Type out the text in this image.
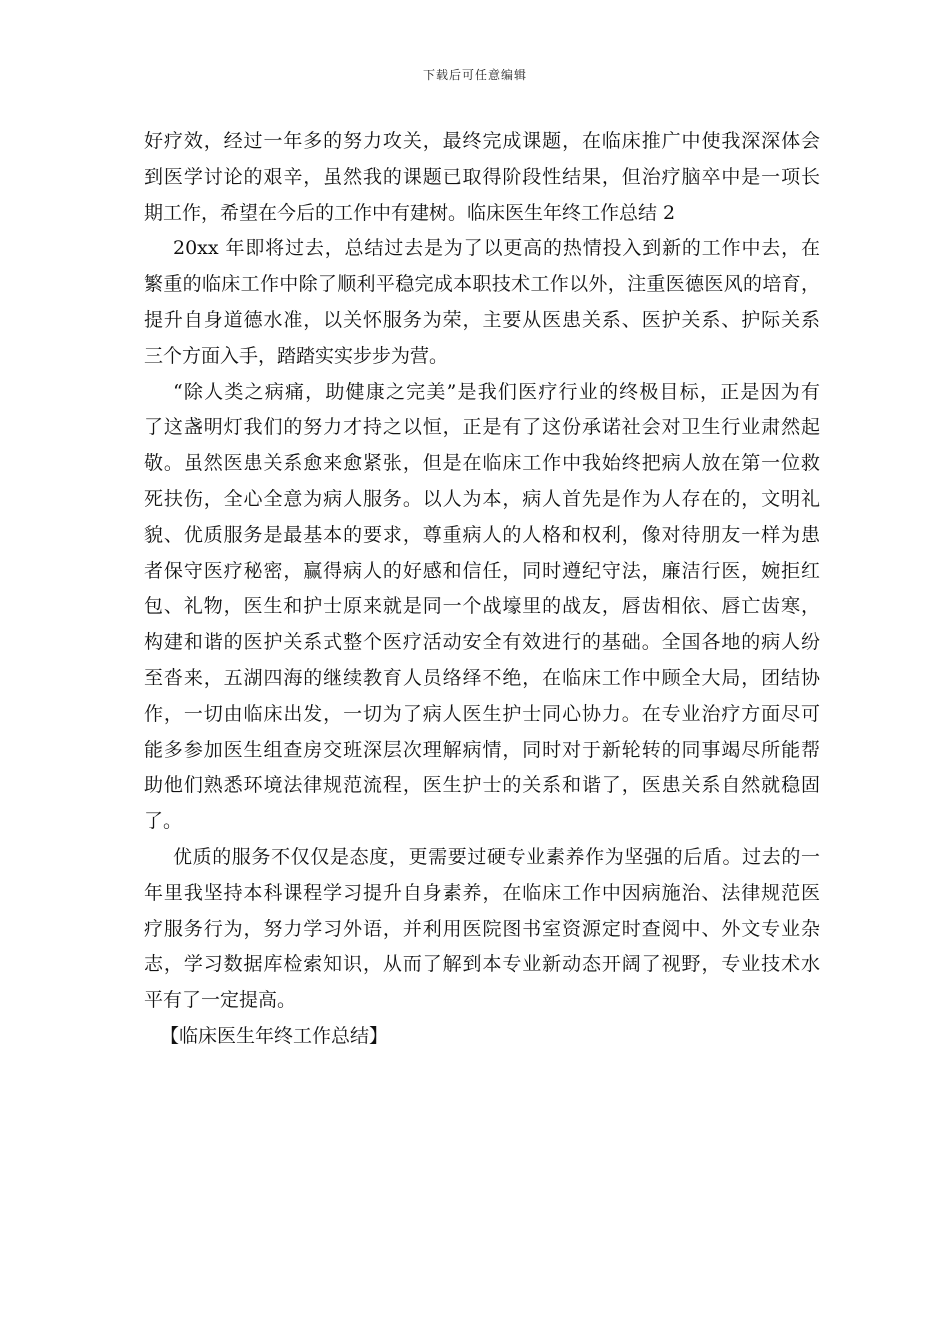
下载后可任意编辑
好疗效，经过一年多的努力攻关，最终完成课题，在临床推广中使我深深体会
到医学讨论的艰辛，虽然我的课题已取得阶段性结果，但治疗脑卒中是一项长
期工作，希望在今后的工作中有建树。临床医生年终工作总结 2
20xx 年即将过去，总结过去是为了以更高的热情投入到新的工作中去，在
繁重的临床工作中除了顺利平稳完成本职技术工作以外，注重医德医风的培育，
提升自身道德水准，以关怀服务为荣，主要从医患关系、医护关系、护际关系
三个方面入手，踏踏实实步步为营。
“除人类之病痛，助健康之完美”是我们医疗行业的终极目标，正是因为有
了这盏明灯我们的努力才持之以恒，正是有了这份承诺社会对卫生行业肃然起
敬。虽然医患关系愈来愈紧张，但是在临床工作中我始终把病人放在第一位救
死扶伤，全心全意为病人服务。以人为本，病人首先是作为人存在的，文明礼
貌、优质服务是最基本的要求，尊重病人的人格和权利，像对待朋友一样为患
者保守医疗秘密，赢得病人的好感和信任，同时遵纪守法，廉洁行医，婉拒红
包、礼物，医生和护士原来就是同一个战壕里的战友，唇齿相依、唇亡齿寒，
构建和谐的医护关系式整个医疗活动安全有效进行的基础。全国各地的病人纷
至沓来，五湖四海的继续教育人员络绎不绝，在临床工作中顾全大局，团结协
作，一切由临床出发，一切为了病人医生护士同心协力。在专业治疗方面尽可
能多参加医生组查房交班深层次理解病情，同时对于新轮转的同事竭尽所能帮
助他们熟悉环境法律规范流程，医生护士的关系和谐了，医患关系自然就稳固
了。
优质的服务不仅仅是态度，更需要过硬专业素养作为坚强的后盾。过去的一
年里我坚持本科课程学习提升自身素养，在临床工作中因病施治、法律规范医
疗服务行为，努力学习外语，并利用医院图书室资源定时查阅中、外文专业杂
志，学习数据库检索知识，从而了解到本专业新动态开阔了视野，专业技术水
平有了一定提高。
【临床医生年终工作总结】
